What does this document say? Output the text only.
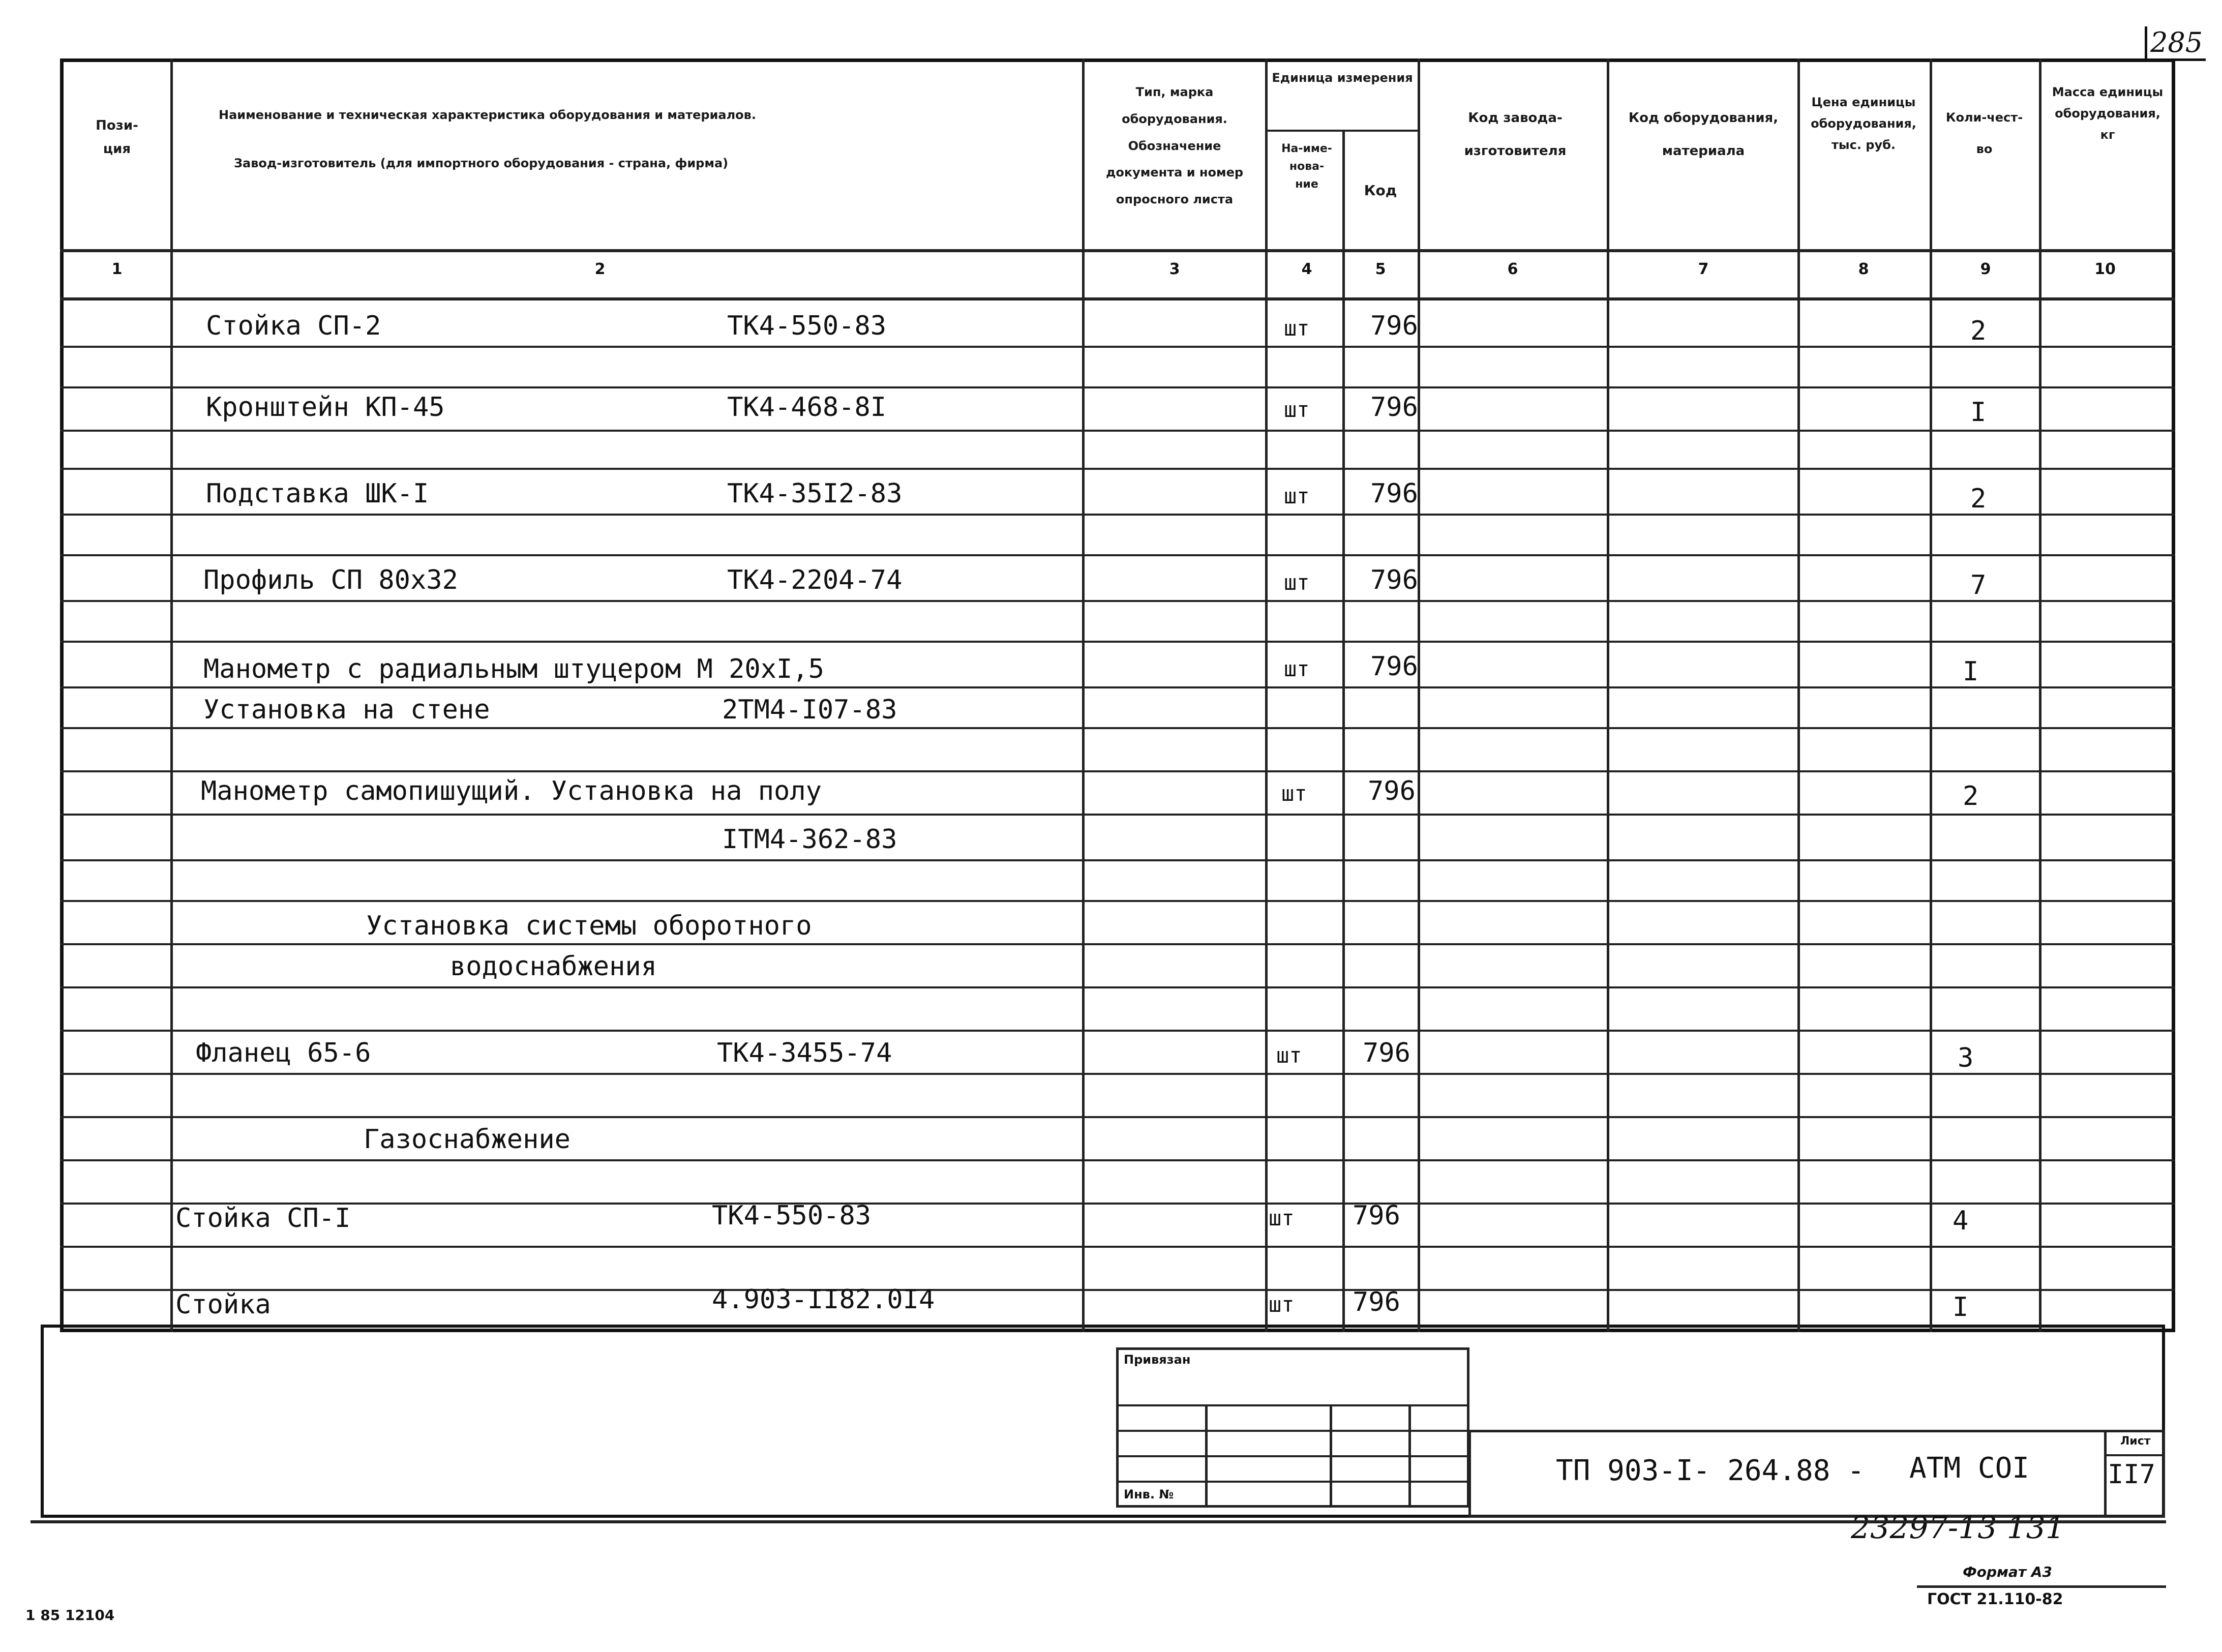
285
Пози-ция
Наименование и техническая характеристика оборудования и материалов.
Завод-изготовитель (для импортного оборудования - страна, фирма)
Тип, марка оборудования. Обозначение документа и номер опросного листа
Единица измерения
На-име-нова-ние	Код
Код завода-изготовителя
Код оборудования, материала
Цена единицы оборудования, тыс. руб.
Коли-чест-во
Масса единицы оборудования, кг
1	2	3	4	5	6	7	8	9	10
Стойка СП-2	ТК4-550-83	шт 796	2
Кронштейн КП-45	ТК4-468-8I	шт 796	I
Подставка ШК-I	ТК4-35I2-83	шт 796	2
Профиль СП 80х32	ТК4-2204-74	шт 796	7
Манометр с радиальным штуцером М 20хI,5	шт 796	I
Установка на стене	2ТМ4-I07-83
Манометр самопишущий. Установка на полу	шт 796	2
IТМ4-362-83
Установка системы оборотного
водоснабжения
Фланец 65-6	ТК4-3455-74	шт 796	3
Газоснабжение
Стойка СП-I	ТК4-550-83	шт 796	4
Стойка	4.903-II82.0I4	шт 796	I
Привязан
Инв. №
ТП 903-I- 264.88 - АТМ СОI
Лист
II7
23297-13 131
Формат А3
ГОСТ 21.110-82
1 85 12104
